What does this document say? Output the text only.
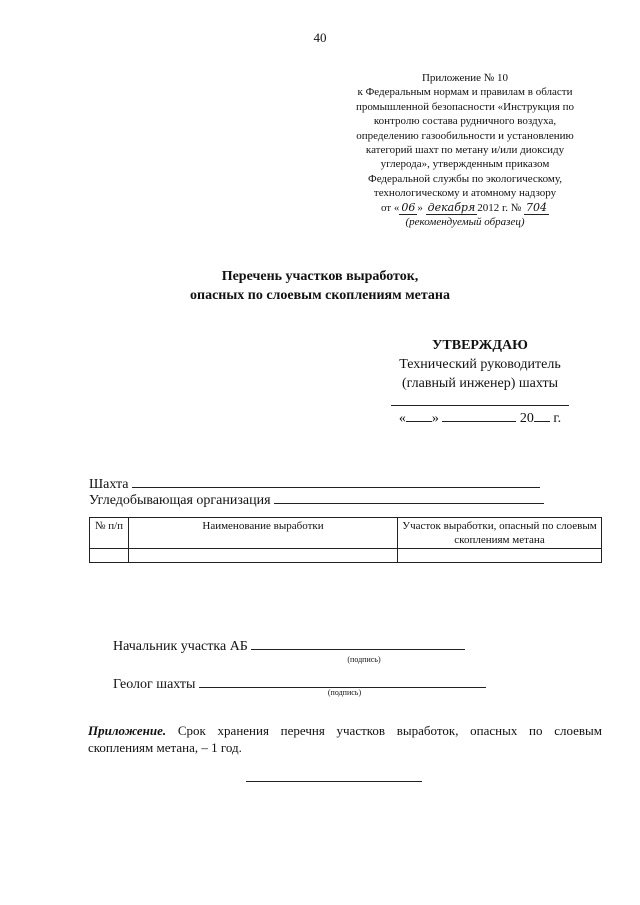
40
Приложение № 10
к Федеральным нормам и правилам в области
промышленной безопасности «Инструкция по
контролю состава рудничного воздуха,
определению газообильности и установлению
категорий шахт по метану и/или диоксиду
углерода», утвержденным приказом
Федеральной службы по экологическому,
технологическому и атомному надзору
от « 06 » декабря 2012 г. № 704
(рекомендуемый образец)
Перечень участков выработок,
опасных по слоевым скоплениям метана
УТВЕРЖДАЮ
Технический руководитель
(главный инженер) шахты
« »	20 г.
Шахта
Угледобывающая организация
№ п/п	Наименование выработки	Участок выработки, опасный по слоевым скоплениям метана

Начальник участка АБ
(подпись)
Геолог шахты
(подпись)
Приложение. Срок хранения перечня участков выработок, опасных по слоевым скоплениям метана, – 1 год.
